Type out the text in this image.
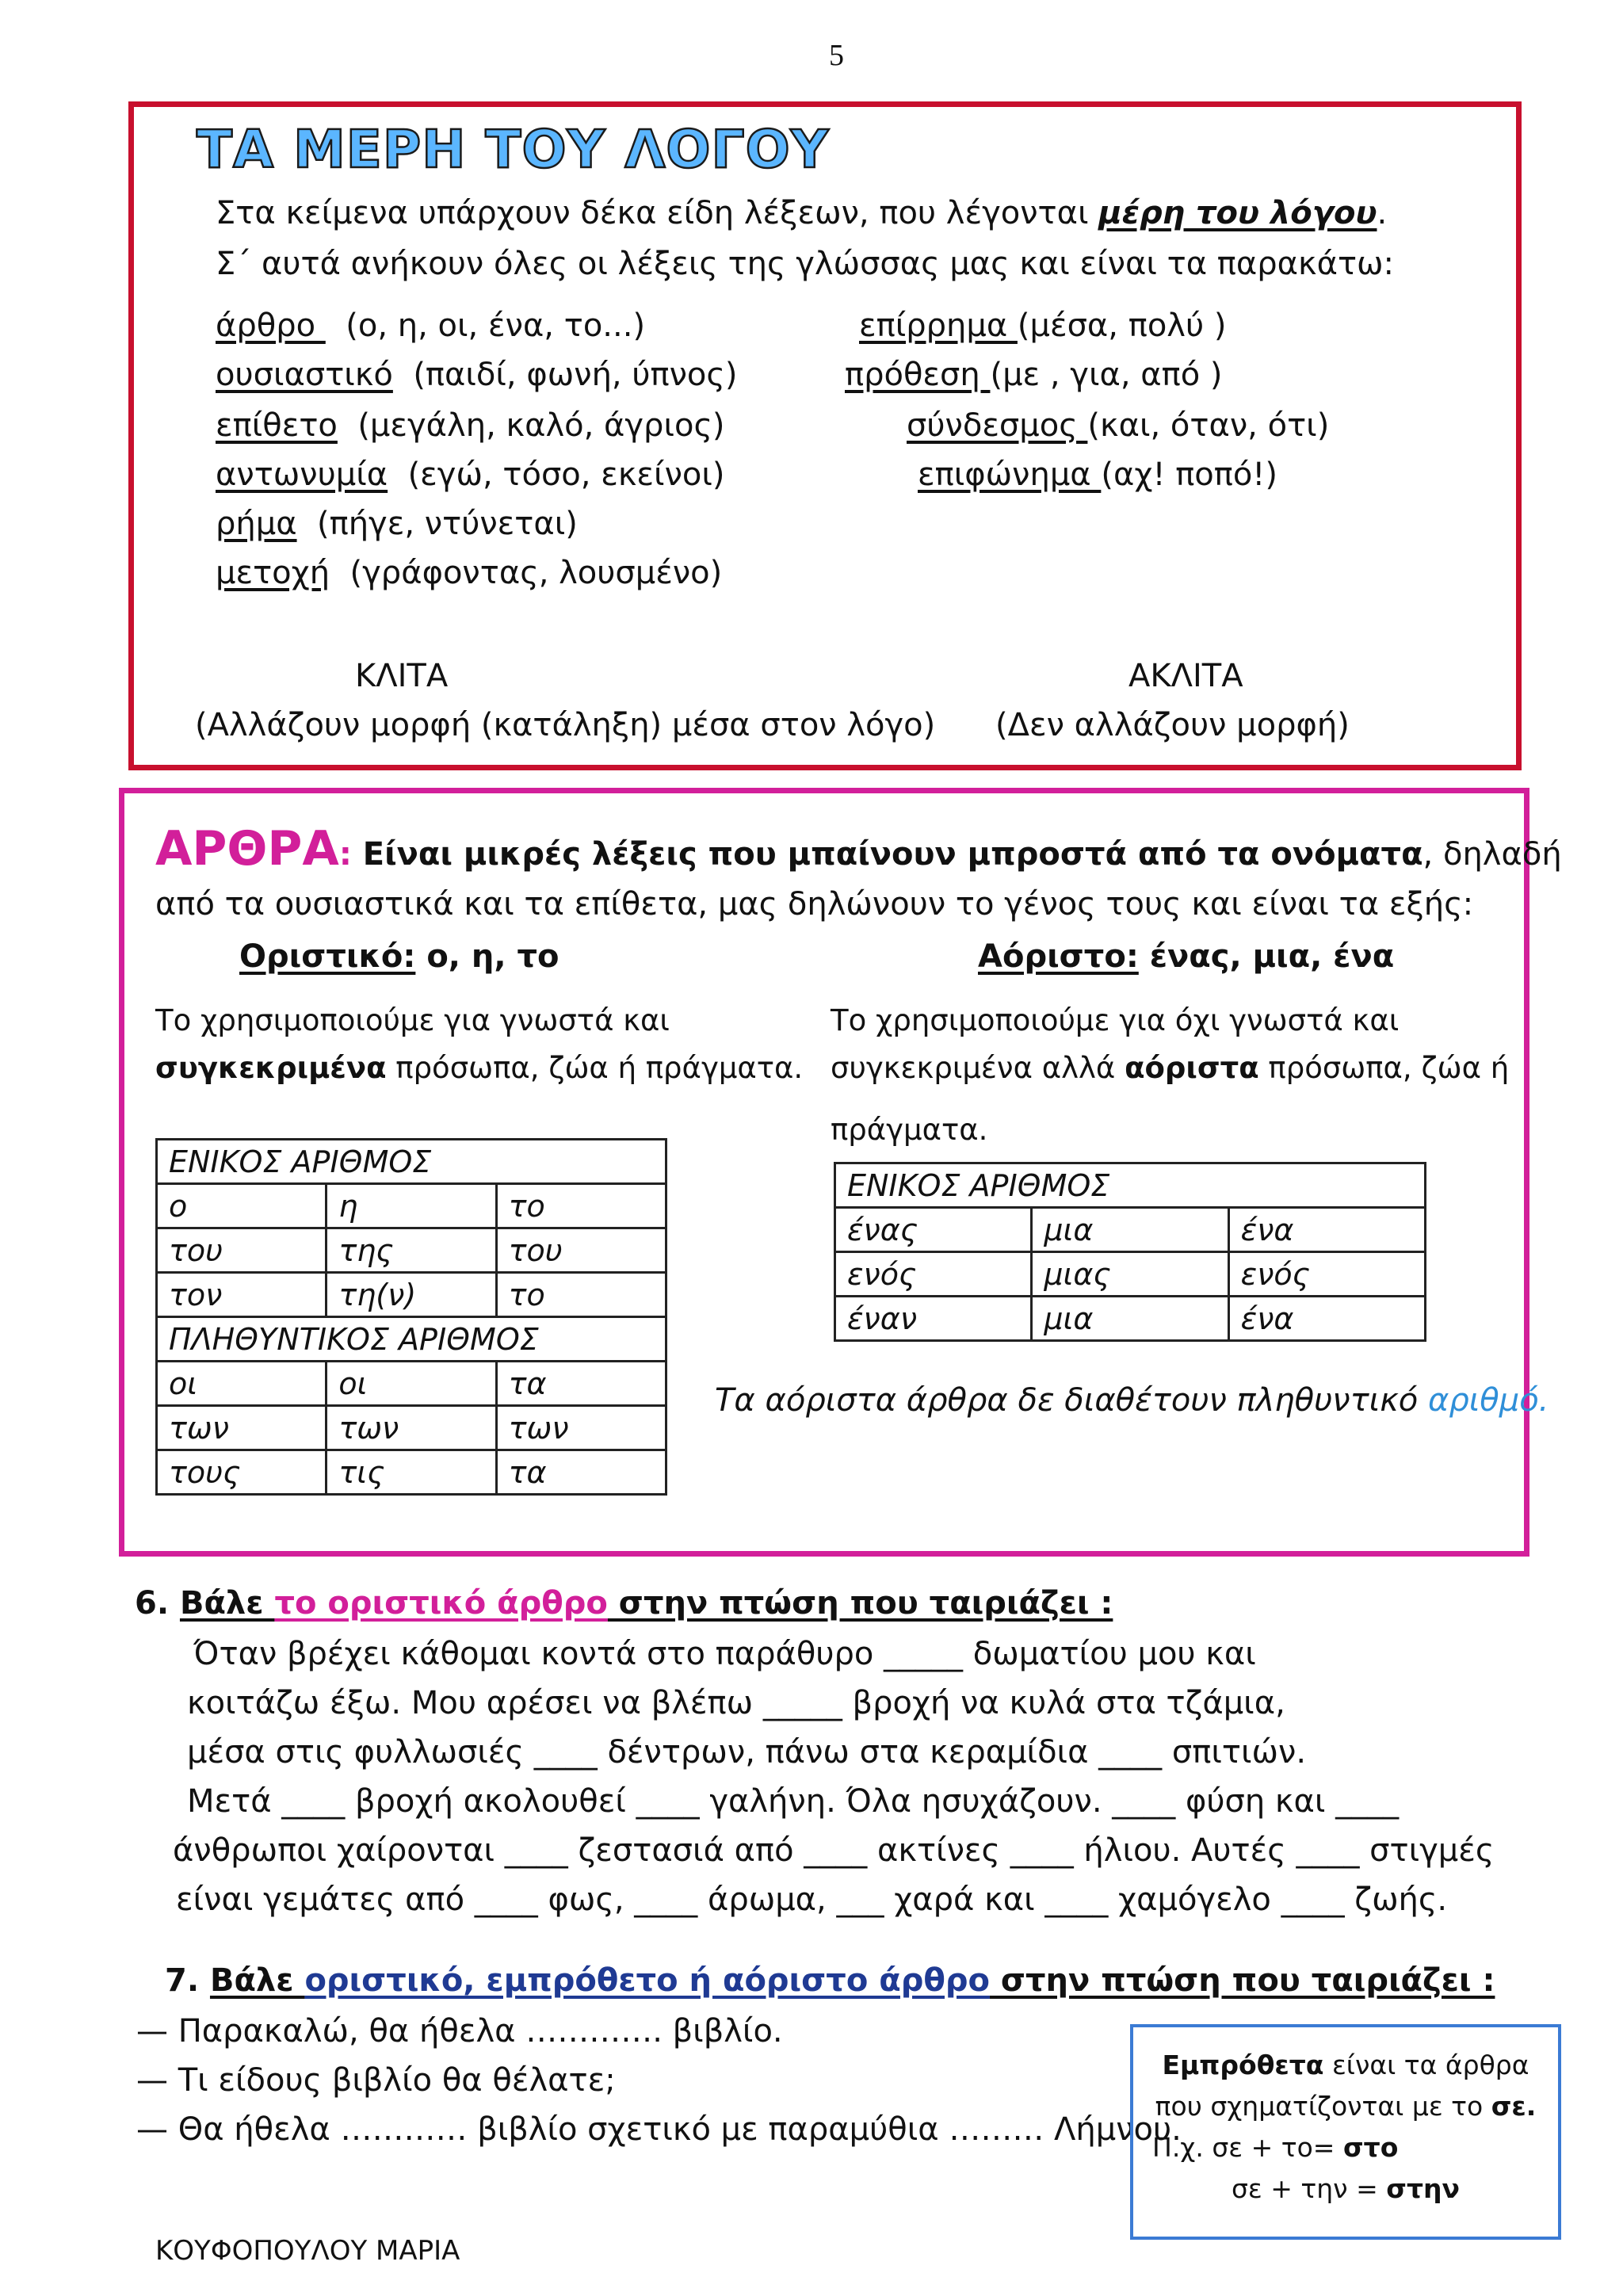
5
ΤΑ ΜΕΡΗ ΤΟΥ ΛΟΓΟΥ
Στα κείμενα υπάρχουν δέκα είδη λέξεων, που λέγονται μέρη του λόγου.
Σ΄ αυτά ανήκουν όλες οι λέξεις της γλώσσας μας και είναι τα παρακάτω:
άρθρο   (ο, η, οι, ένα, το...)
ουσιαστικό (παιδί, φωνή, ύπνος)
επίθετο (μεγάλη, καλό, άγριος)
αντωνυμία (εγώ, τόσο, εκείνοι)
ρήμα (πήγε, ντύνεται)
μετοχή (γράφοντας, λουσμένο)
επίρρημα (μέσα, πολύ )
πρόθεση (με , για, από )
σύνδεσμος (και, όταν, ότι)
επιφώνημα (αχ! ποπό!)
ΚΛΙΤΑ
(Αλλάζουν μορφή (κατάληξη) μέσα στον λόγο)
ΑΚΛΙΤΑ
(Δεν αλλάζουν μορφή)
ΑΡΘΡΑ: Είναι μικρές λέξεις που μπαίνουν μπροστά από τα ονόματα, δηλαδή
από τα ουσιαστικά και τα επίθετα, μας δηλώνουν το γένος τους και είναι τα εξής:
Οριστικό: ο, η, το	Αόριστο: ένας, μια, ένα
Το χρησιμοποιούμε για γνωστά και
συγκεκριμένα πρόσωπα, ζώα ή πράγματα.
Το χρησιμοποιούμε για όχι γνωστά και
συγκεκριμένα αλλά αόριστα πρόσωπα, ζώα ή
πράγματα.
ΕΝΙΚΟΣ ΑΡΙΘΜΟΣ		
ο	η	το
του	της	του
τον	τη(ν)	το
ΠΛΗΘΥΝΤΙΚΟΣ ΑΡΙΘΜΟΣ		
οι	οι	τα
των	των	των
τους	τις	τα
ΕΝΙΚΟΣ ΑΡΙΘΜΟΣ		
ένας	μια	ένα
ενός	μιας	ενός
έναν	μια	ένα
Τα αόριστα άρθρα δε διαθέτουν πληθυντικό αριθμό.
6. Βάλε το οριστικό άρθρο στην πτώση που ταιριάζει :
Όταν βρέχει κάθομαι κοντά στο παράθυρο _____ δωματίου μου και
κοιτάζω έξω. Μου αρέσει να βλέπω _____ βροχή να κυλά στα τζάμια,
μέσα στις φυλλωσιές ____ δέντρων, πάνω στα κεραμίδια ____ σπιτιών.
Μετά ____ βροχή ακολουθεί ____ γαλήνη. Όλα ησυχάζουν. ____ φύση και ____
άνθρωποι χαίρονται ____ ζεστασιά από ____ ακτίνες ____ ήλιου. Αυτές ____ στιγμές
είναι γεμάτες από ____ φως, ____ άρωμα, ___ χαρά και ____ χαμόγελο ____ ζωής.
7. Βάλε οριστικό, εμπρόθετο ή αόριστο άρθρο στην πτώση που ταιριάζει :
— Παρακαλώ, θα ήθελα …………. βιβλίο.
— Τι είδους βιβλίο θα θέλατε;
— Θα ήθελα ………… βιβλίο σχετικό με παραμύθια ……… Λήμνου.
Εμπρόθετα είναι τα άρθρα
που σχηματίζονται με το σε.
Π.χ. σε + το= στο
σε + την = στην
ΚΟΥΦΟΠΟΥΛΟΥ ΜΑΡΙΑ
